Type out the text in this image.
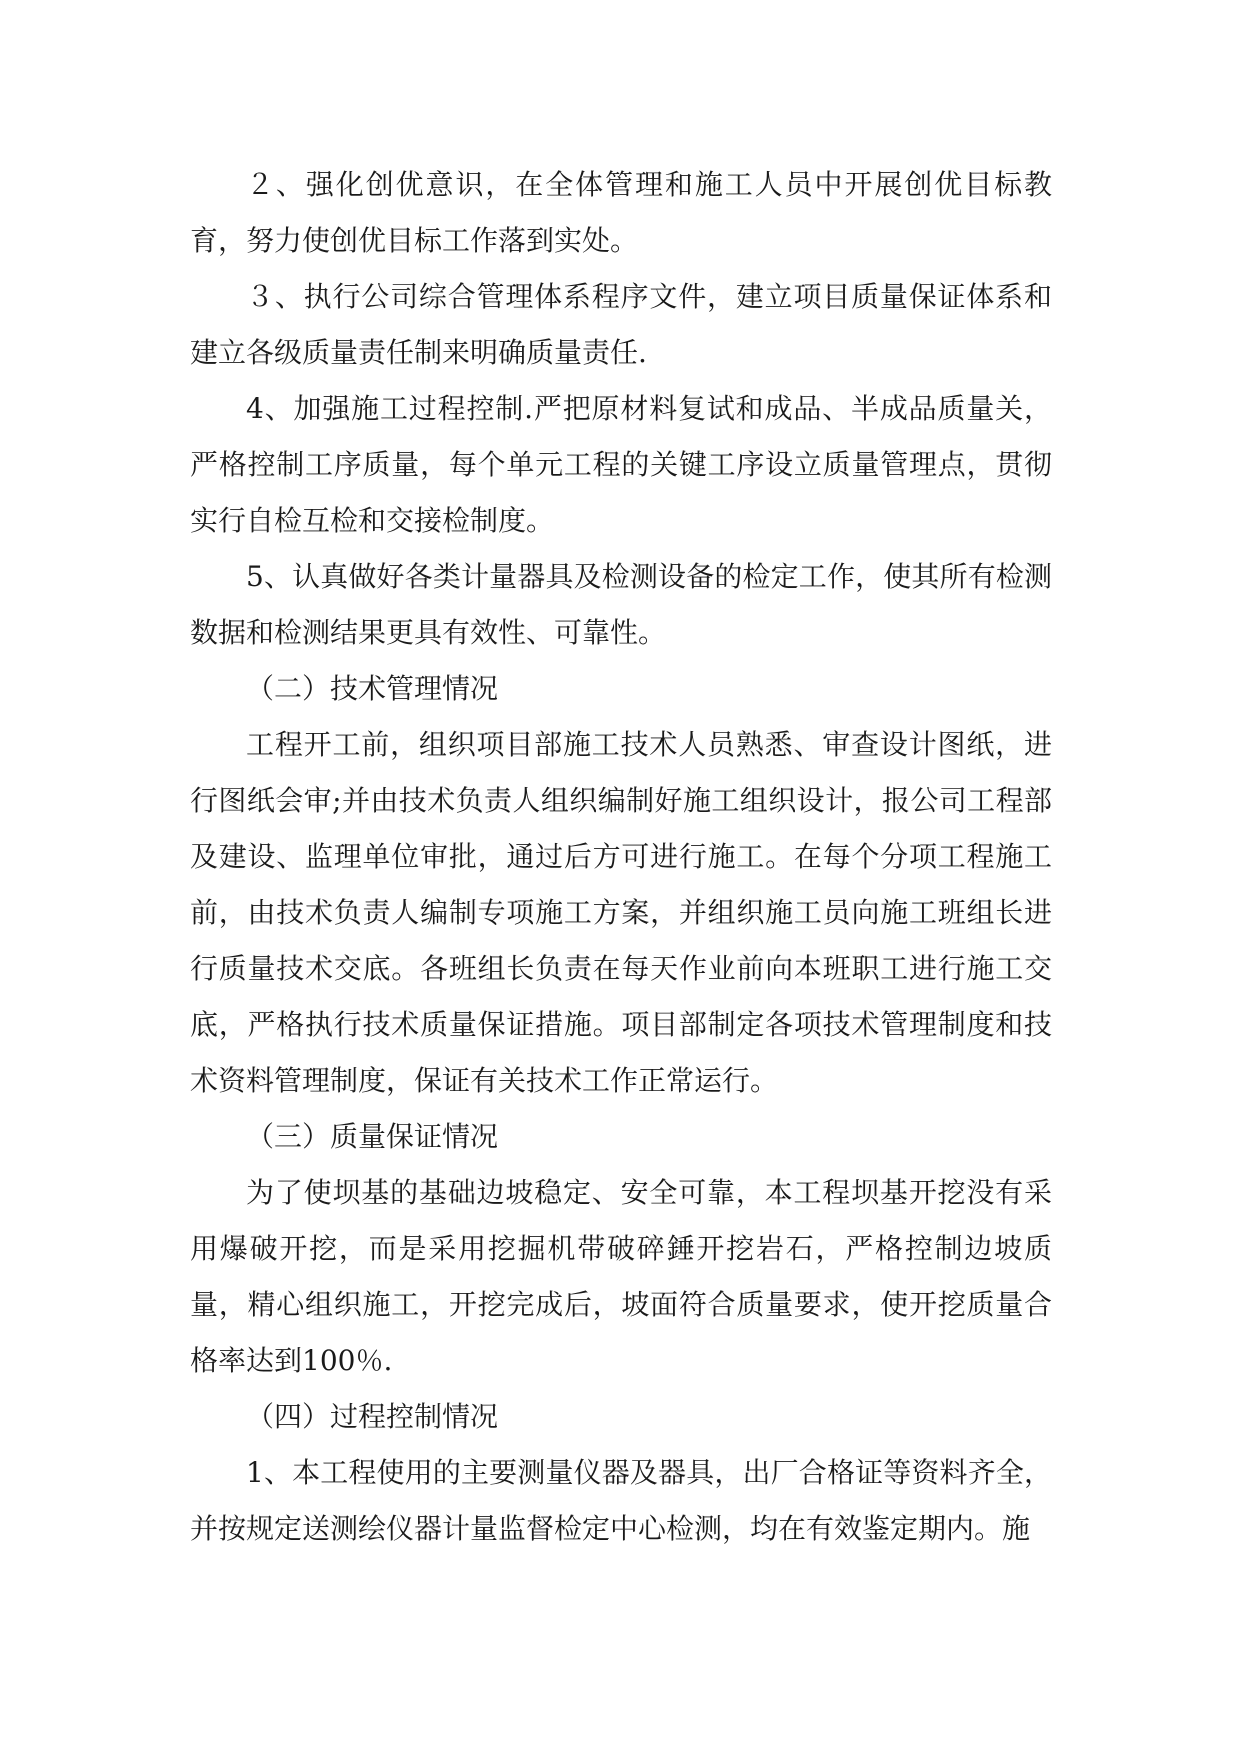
２、强化创优意识，在全体管理和施工人员中开展创优目标教育，努力使创优目标工作落到实处。

３、执行公司综合管理体系程序文件，建立项目质量保证体系和建立各级质量责任制来明确质量责任.

4、加强施工过程控制.严把原材料复试和成品、半成品质量关，严格控制工序质量，每个单元工程的关键工序设立质量管理点，贯彻实行自检互检和交接检制度。

5、认真做好各类计量器具及检测设备的检定工作，使其所有检测数据和检测结果更具有效性、可靠性。

（二）技术管理情况

工程开工前，组织项目部施工技术人员熟悉、审查设计图纸，进行图纸会审;并由技术负责人组织编制好施工组织设计，报公司工程部及建设、监理单位审批，通过后方可进行施工。在每个分项工程施工前，由技术负责人编制专项施工方案，并组织施工员向施工班组长进行质量技术交底。各班组长负责在每天作业前向本班职工进行施工交底，严格执行技术质量保证措施。项目部制定各项技术管理制度和技术资料管理制度，保证有关技术工作正常运行。

（三）质量保证情况

为了使坝基的基础边坡稳定、安全可靠，本工程坝基开挖没有采用爆破开挖，而是采用挖掘机带破碎錘开挖岩石，严格控制边坡质量，精心组织施工，开挖完成后，坡面符合质量要求，使开挖质量合格率达到100％.

（四）过程控制情况

1、本工程使用的主要测量仪器及器具，出厂合格证等资料齐全，并按规定送测绘仪器计量监督检定中心检测，均在有效鉴定期内。施
